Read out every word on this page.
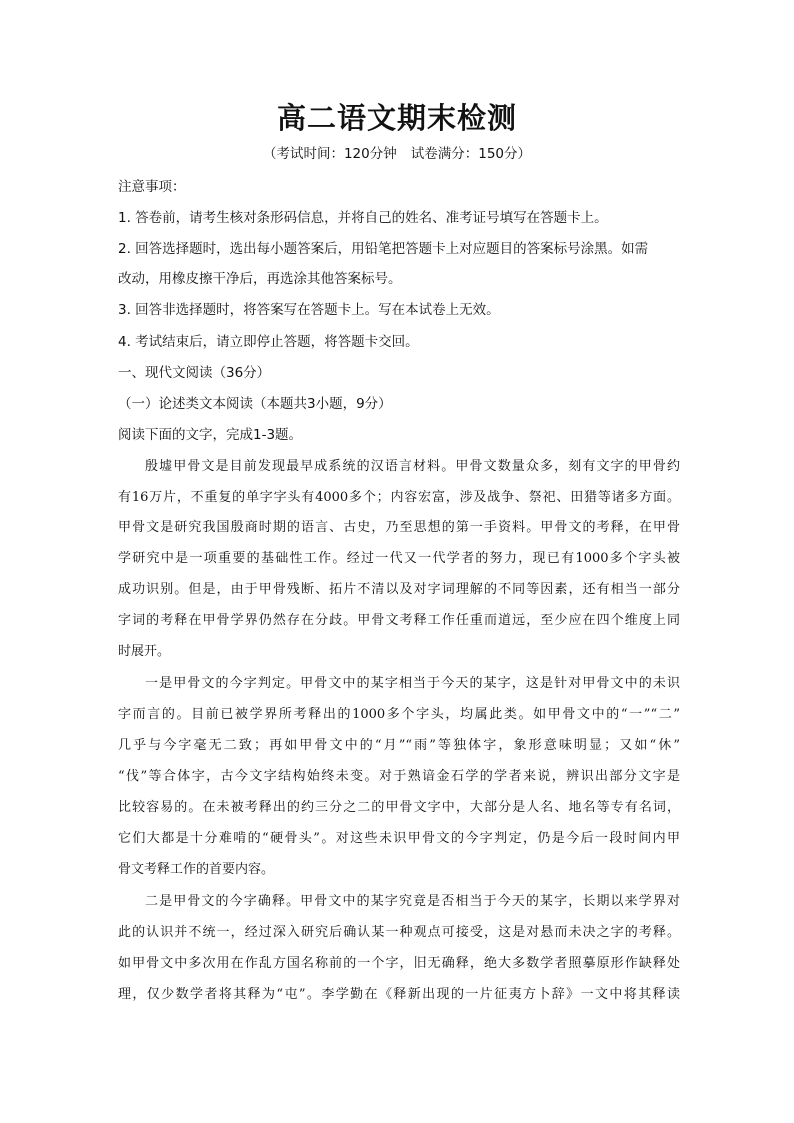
高二语文期末检测
（考试时间：120分钟 试卷满分：150分）
注意事项：
1. 答卷前，请考生核对条形码信息，并将自己的姓名、准考证号填写在答题卡上。
2. 回答选择题时，选出每小题答案后，用铅笔把答题卡上对应题目的答案标号涂黑。如需
改动，用橡皮擦干净后，再选涂其他答案标号。
3. 回答非选择题时，将答案写在答题卡上。写在本试卷上无效。
4. 考试结束后，请立即停止答题，将答题卡交回。
一、现代文阅读（36分）
（一）论述类文本阅读（本题共3小题，9分）
阅读下面的文字，完成1-3题。
殷墟甲骨文是目前发现最早成系统的汉语言材料。甲骨文数量众多，刻有文字的甲骨约
有16万片，不重复的单字字头有4000多个；内容宏富，涉及战争、祭祀、田猎等诸多方面。
甲骨文是研究我国殷商时期的语言、古史，乃至思想的第一手资料。甲骨文的考释，在甲骨
学研究中是一项重要的基础性工作。经过一代又一代学者的努力，现已有1000多个字头被
成功识别。但是，由于甲骨残断、拓片不清以及对字词理解的不同等因素，还有相当一部分
字词的考释在甲骨学界仍然存在分歧。甲骨文考释工作任重而道远，至少应在四个维度上同
时展开。
一是甲骨文的今字判定。甲骨文中的某字相当于今天的某字，这是针对甲骨文中的未识
字而言的。目前已被学界所考释出的1000多个字头，均属此类。如甲骨文中的“一”“二”
几乎与今字毫无二致；再如甲骨文中的“月”“雨”等独体字，象形意味明显；又如“休”
“伐”等合体字，古今文字结构始终未变。对于熟谙金石学的学者来说，辨识出部分文字是
比较容易的。在未被考释出的约三分之二的甲骨文字中，大部分是人名、地名等专有名词，
它们大都是十分难啃的“硬骨头”。对这些未识甲骨文的今字判定，仍是今后一段时间内甲
骨文考释工作的首要内容。
二是甲骨文的今字确释。甲骨文中的某字究竟是否相当于今天的某字，长期以来学界对
此的认识并不统一，经过深入研究后确认某一种观点可接受，这是对悬而未决之字的考释。
如甲骨文中多次用在作乱方国名称前的一个字，旧无确释，绝大多数学者照摹原形作缺释处
理，仅少数学者将其释为“屯”。李学勤在《释新出现的一片征夷方卜辞》一文中将其释读
